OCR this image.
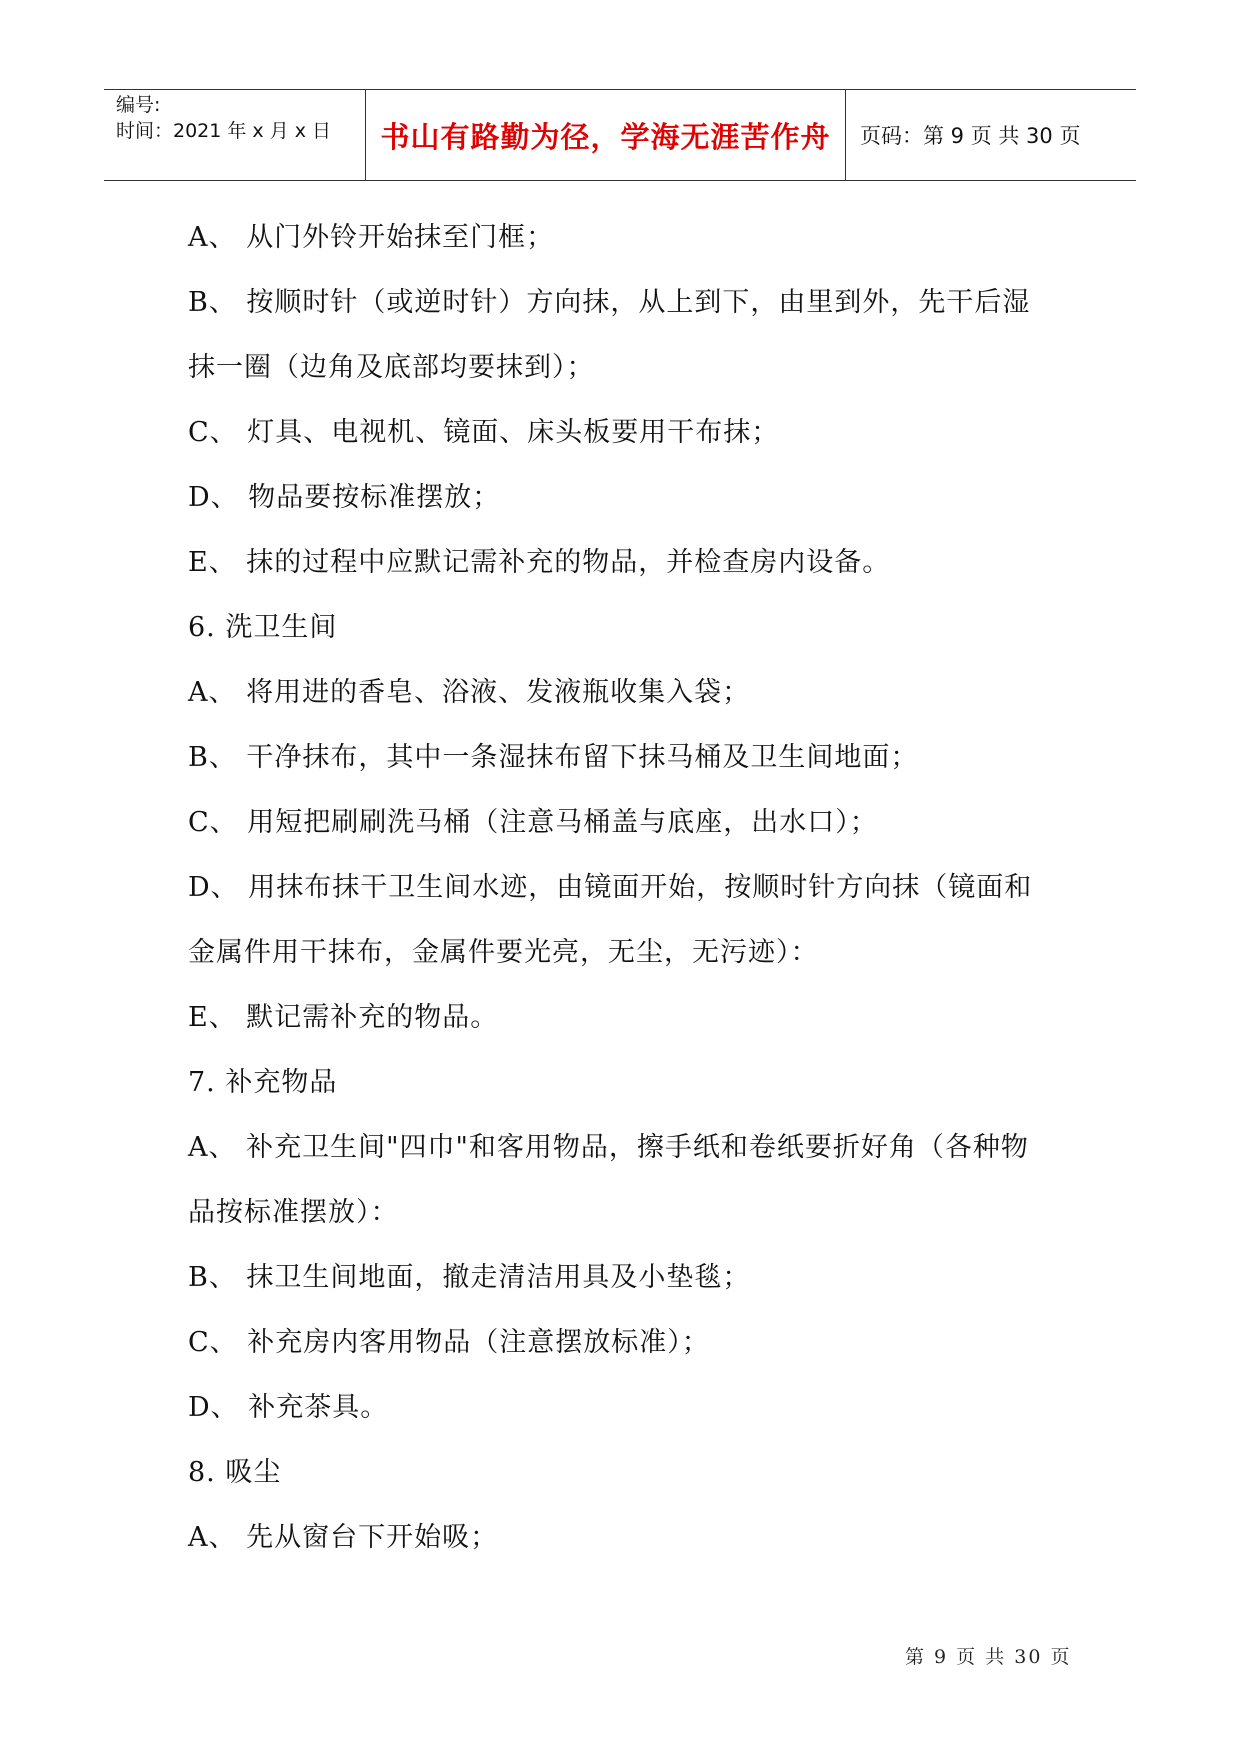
编号:
时间：2021 年 x 月 x 日 书山有路勤为径，学海无涯苦作舟 页码：第 9 页 共 30 页
A、 从门外铃开始抹至门框；
B、 按顺时针（或逆时针）方向抹，从上到下，由里到外，先干后湿
抹一圈（边角及底部均要抹到）；
C、 灯具、电视机、镜面、床头板要用干布抹；
D、 物品要按标准摆放；
E、 抹的过程中应默记需补充的物品，并检查房内设备。
6. 洗卫生间
A、 将用进的香皂、浴液、发液瓶收集入袋；
B、 干净抹布，其中一条湿抹布留下抹马桶及卫生间地面；
C、 用短把刷刷洗马桶（注意马桶盖与底座，出水口）；
D、 用抹布抹干卫生间水迹，由镜面开始，按顺时针方向抹（镜面和
金属件用干抹布，金属件要光亮，无尘，无污迹）：
E、 默记需补充的物品。
7. 补充物品
A、 补充卫生间"四巾"和客用物品，擦手纸和卷纸要折好角（各种物
品按标准摆放）：
B、 抹卫生间地面，撤走清洁用具及小垫毯；
C、 补充房内客用物品（注意摆放标准）；
D、 补充茶具。
8. 吸尘
A、 先从窗台下开始吸；
第 9 页 共 30 页
